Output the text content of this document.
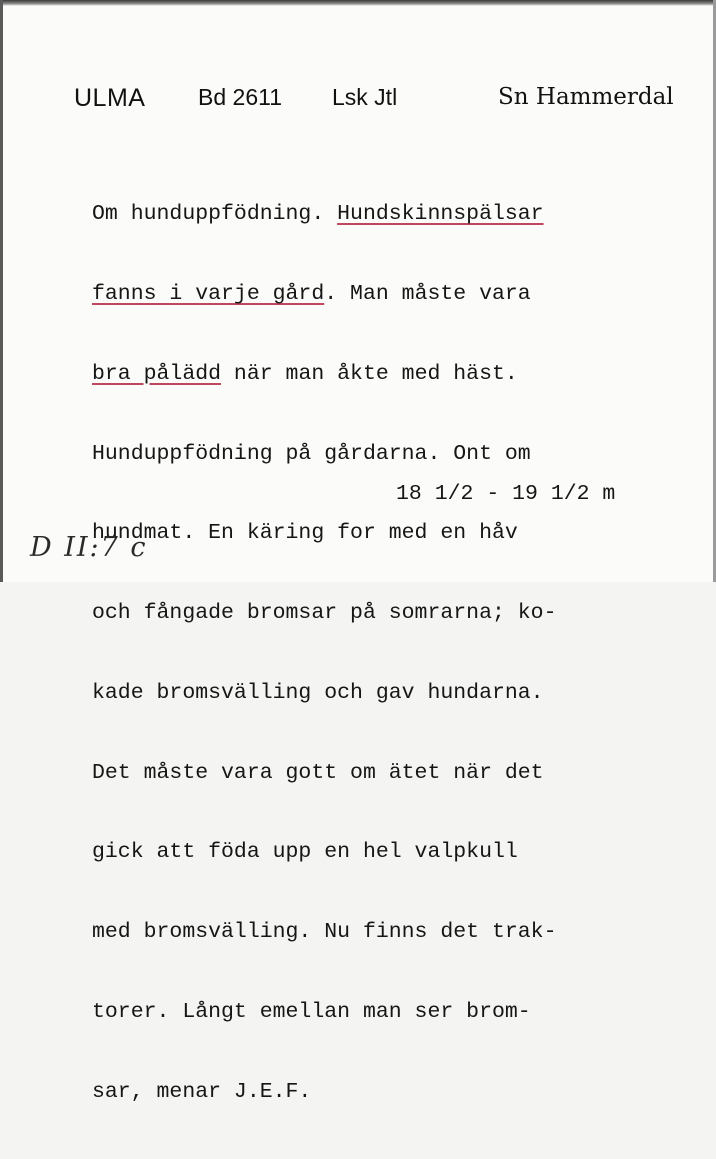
ULMA Bd 2611 Lsk Jtl	Sn Hammerdal

Om hunduppfödning. Hundskinnspälsar

fanns i varje gård. Man måste vara

bra pålädd när man åkte med häst.

Hunduppfödning på gårdarna. Ont om

hundmat. En käring for med en håv

och fångade bromsar på somrarna; ko-

kade bromsvälling och gav hundarna.

Det måste vara gott om ätet när det

gick att föda upp en hel valpkull

med bromsvälling. Nu finns det trak-

torer. Långt emellan man ser brom-

sar, menar J.E.F.

18 1/2 - 19 1/2 m
D II:7 c
